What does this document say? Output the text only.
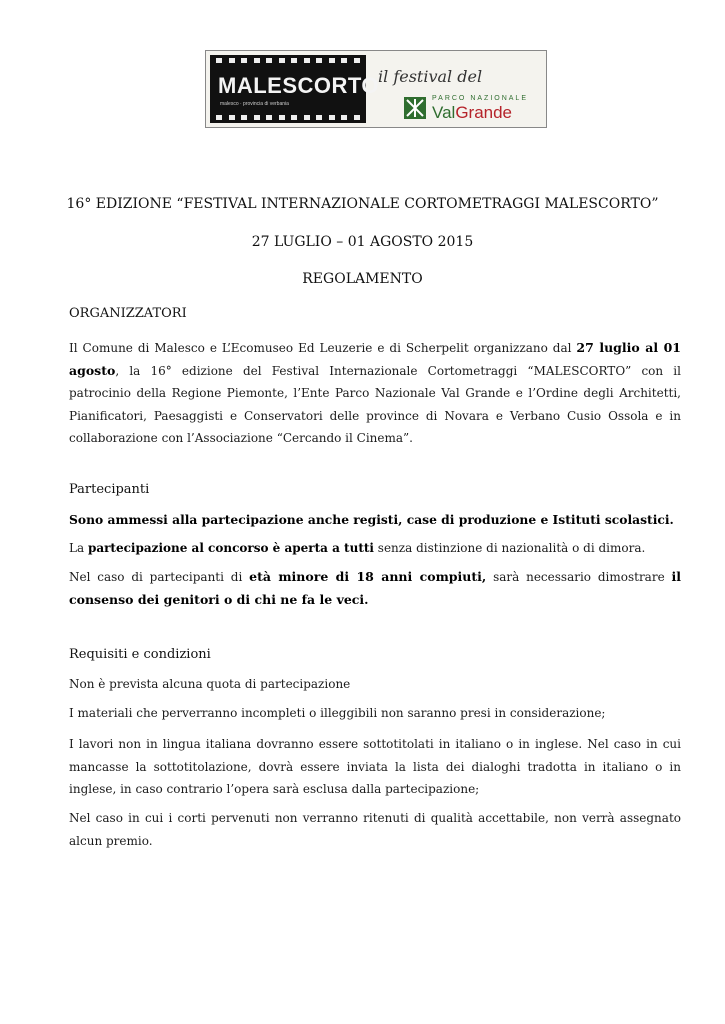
MALESCORTO
malesco · provincia di verbania
il festival del
PARCO NAZIONALE
ValGrande
16° EDIZIONE “FESTIVAL INTERNAZIONALE CORTOMETRAGGI MALESCORTO”
27 LUGLIO – 01 AGOSTO 2015
REGOLAMENTO
ORGANIZZATORI
Il Comune di Malesco e L’Ecomuseo Ed Leuzerie e di Scherpelit organizzano dal 27 luglio al 01 agosto, la 16° edizione del Festival Internazionale Cortometraggi “MALESCORTO” con il patrocinio della Regione Piemonte, l’Ente Parco Nazionale Val Grande e l’Ordine degli Architetti, Pianificatori, Paesaggisti e Conservatori delle province di Novara e Verbano Cusio Ossola e in collaborazione con l’Associazione “Cercando il Cinema”.
Partecipanti
Sono ammessi alla partecipazione anche registi, case di produzione e Istituti scolastici.
La partecipazione al concorso è aperta a tutti senza distinzione di nazionalità o di dimora.
Nel caso di partecipanti di età minore di 18 anni compiuti, sarà necessario dimostrare il consenso dei genitori o di chi ne fa le veci.
Requisiti e condizioni
Non è prevista alcuna quota di partecipazione
I materiali che perverranno incompleti o illeggibili non saranno presi in considerazione;
I lavori non in lingua italiana dovranno essere sottotitolati in italiano o in inglese. Nel caso in cui mancasse la sottotitolazione, dovrà essere inviata la lista dei dialoghi tradotta in italiano o in inglese, in caso contrario l’opera sarà esclusa dalla partecipazione;
Nel caso in cui i corti pervenuti non verranno ritenuti di qualità accettabile, non verrà assegnato alcun premio.
